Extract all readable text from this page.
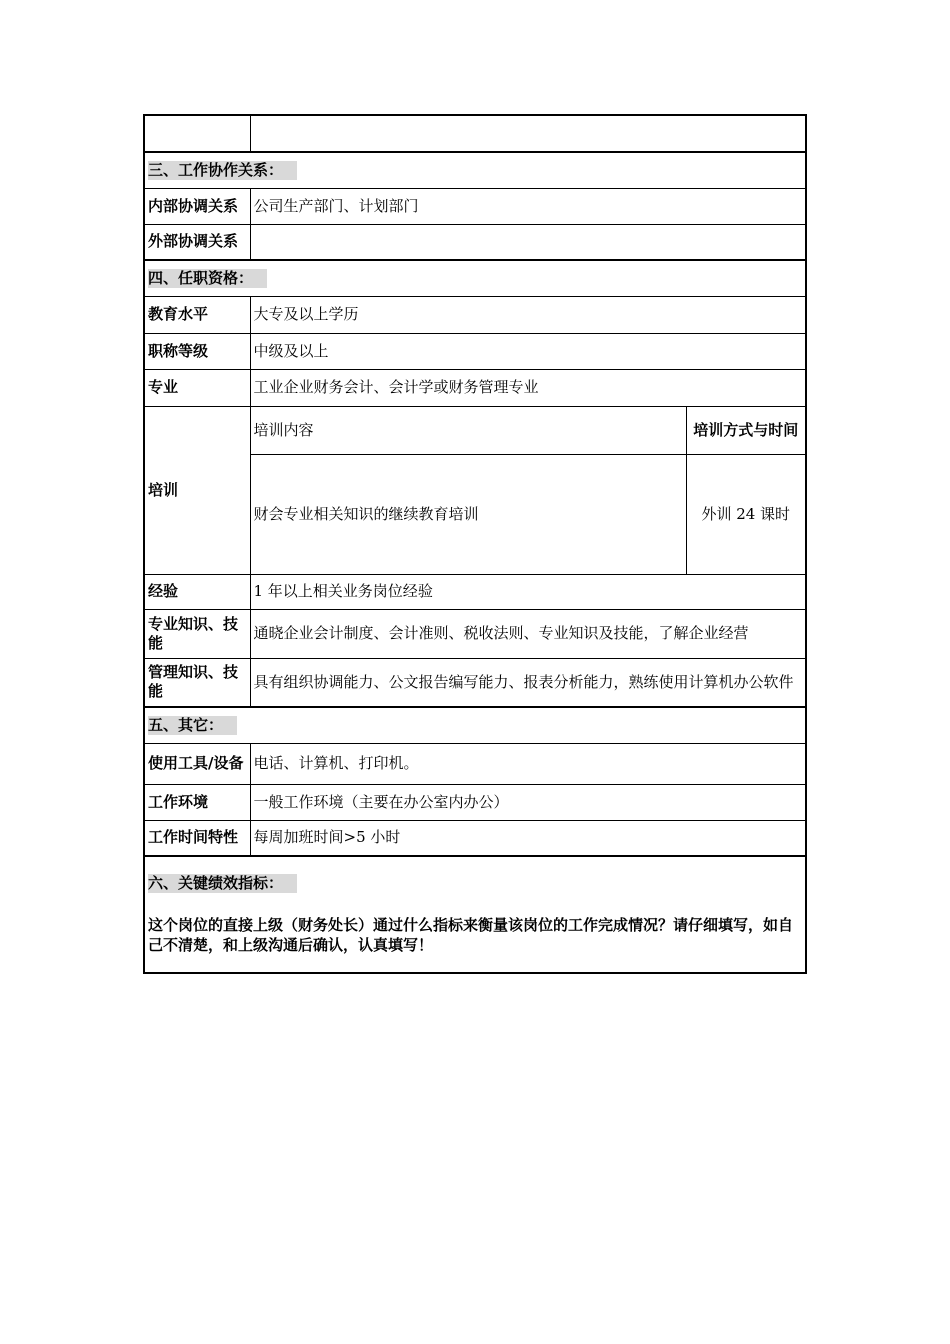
三、工作协作关系：		
内部协调关系	公司生产部门、计划部门	
外部协调关系		
四、任职资格：		
教育水平	大专及以上学历	
职称等级	中级及以上	
专业	工业企业财务会计、会计学或财务管理专业	
培训	培训内容	培训方式与时间
	财会专业相关知识的继续教育培训	外训 24 课时
经验	1 年以上相关业务岗位经验	
专业知识、技能	通晓企业会计制度、会计准则、税收法则、专业知识及技能，了解企业经营	
管理知识、技能	具有组织协调能力、公文报告编写能力、报表分析能力，熟练使用计算机办公软件	
五、其它：		
使用工具/设备	电话、计算机、打印机。	
工作环境	一般工作环境（主要在办公室内办公）	
工作时间特性	每周加班时间>5 小时	
六、关键绩效指标：
这个岗位的直接上级（财务处长）通过什么指标来衡量该岗位的工作完成情况？请仔细填写，如自己不清楚，和上级沟通后确认，认真填写！		
